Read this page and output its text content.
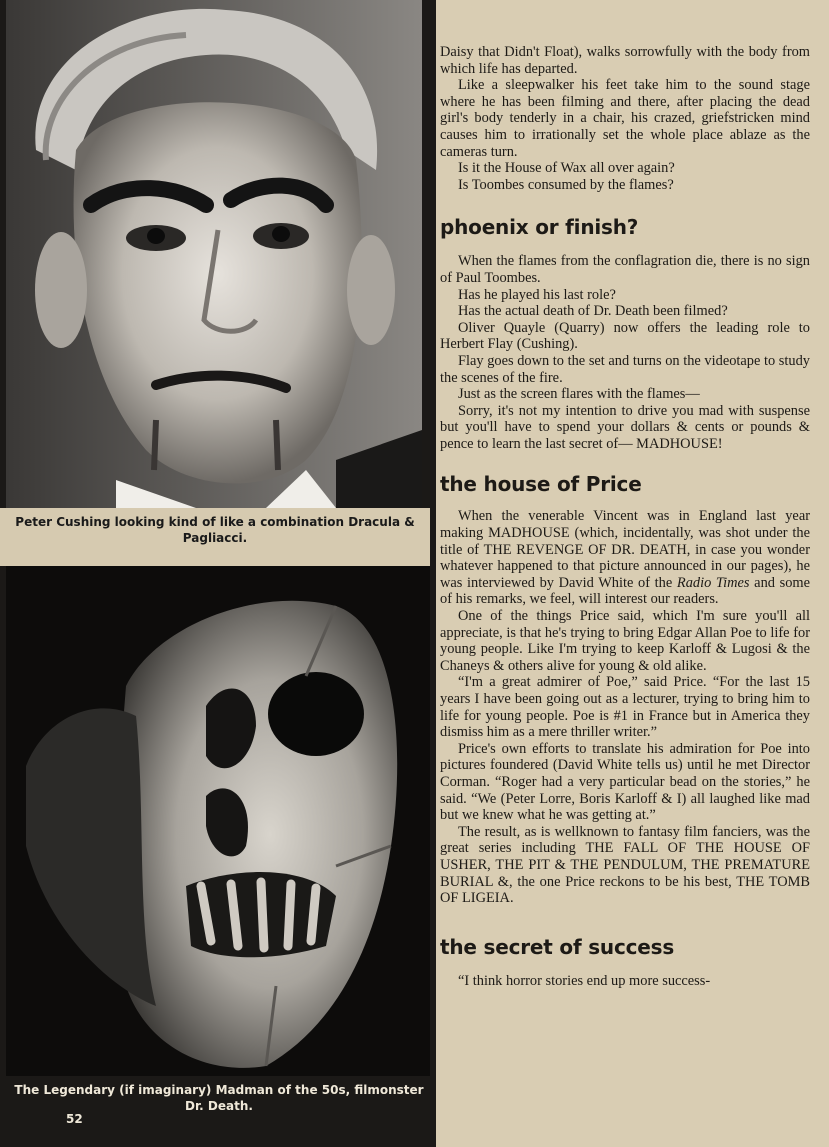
Peter Cushing looking kind of like a combination Dracula & Pagliacci.
The Legendary (if imaginary) Madman of the 50s, filmonster Dr. Death.
52

Daisy that Didn't Float), walks sorrowfully with the body from which life has departed.

Like a sleepwalker his feet take him to the sound stage where he has been filming and there, after placing the dead girl's body tenderly in a chair, his crazed, griefstricken mind causes him to irrationally set the whole place ablaze as the cameras turn.

Is it the House of Wax all over again?

Is Toombes consumed by the flames?

phoenix or finish?

When the flames from the conflagration die, there is no sign of Paul Toombes.

Has he played his last role?

Has the actual death of Dr. Death been filmed?

Oliver Quayle (Quarry) now offers the leading role to Herbert Flay (Cushing).

Flay goes down to the set and turns on the videotape to study the scenes of the fire.

Just as the screen flares with the flames—

Sorry, it's not my intention to drive you mad with suspense but you'll have to spend your dollars & cents or pounds & pence to learn the last secret of— MADHOUSE!

the house of Price

When the venerable Vincent was in England last year making MADHOUSE (which, incidentally, was shot under the title of THE REVENGE OF DR. DEATH, in case you wonder whatever happened to that picture announced in our pages), he was interviewed by David White of the Radio Times and some of his remarks, we feel, will interest our readers.

One of the things Price said, which I'm sure you'll all appreciate, is that he's trying to bring Edgar Allan Poe to life for young people. Like I'm trying to keep Karloff & Lugosi & the Chaneys & others alive for young & old alike.

“I'm a great admirer of Poe,” said Price. “For the last 15 years I have been going out as a lecturer, trying to bring him to life for young people. Poe is #1 in France but in America they dismiss him as a mere thriller writer.”

Price's own efforts to translate his admiration for Poe into pictures foundered (David White tells us) until he met Director Corman. “Roger had a very particular bead on the stories,” he said. “We (Peter Lorre, Boris Karloff & I) all laughed like mad but we knew what he was getting at.”

The result, as is wellknown to fantasy film fanciers, was the great series including THE FALL OF THE HOUSE OF USHER, THE PIT & THE PENDULUM, THE PREMATURE BURIAL &, the one Price reckons to be his best, THE TOMB OF LIGEIA.

the secret of success

“I think horror stories end up more success-
